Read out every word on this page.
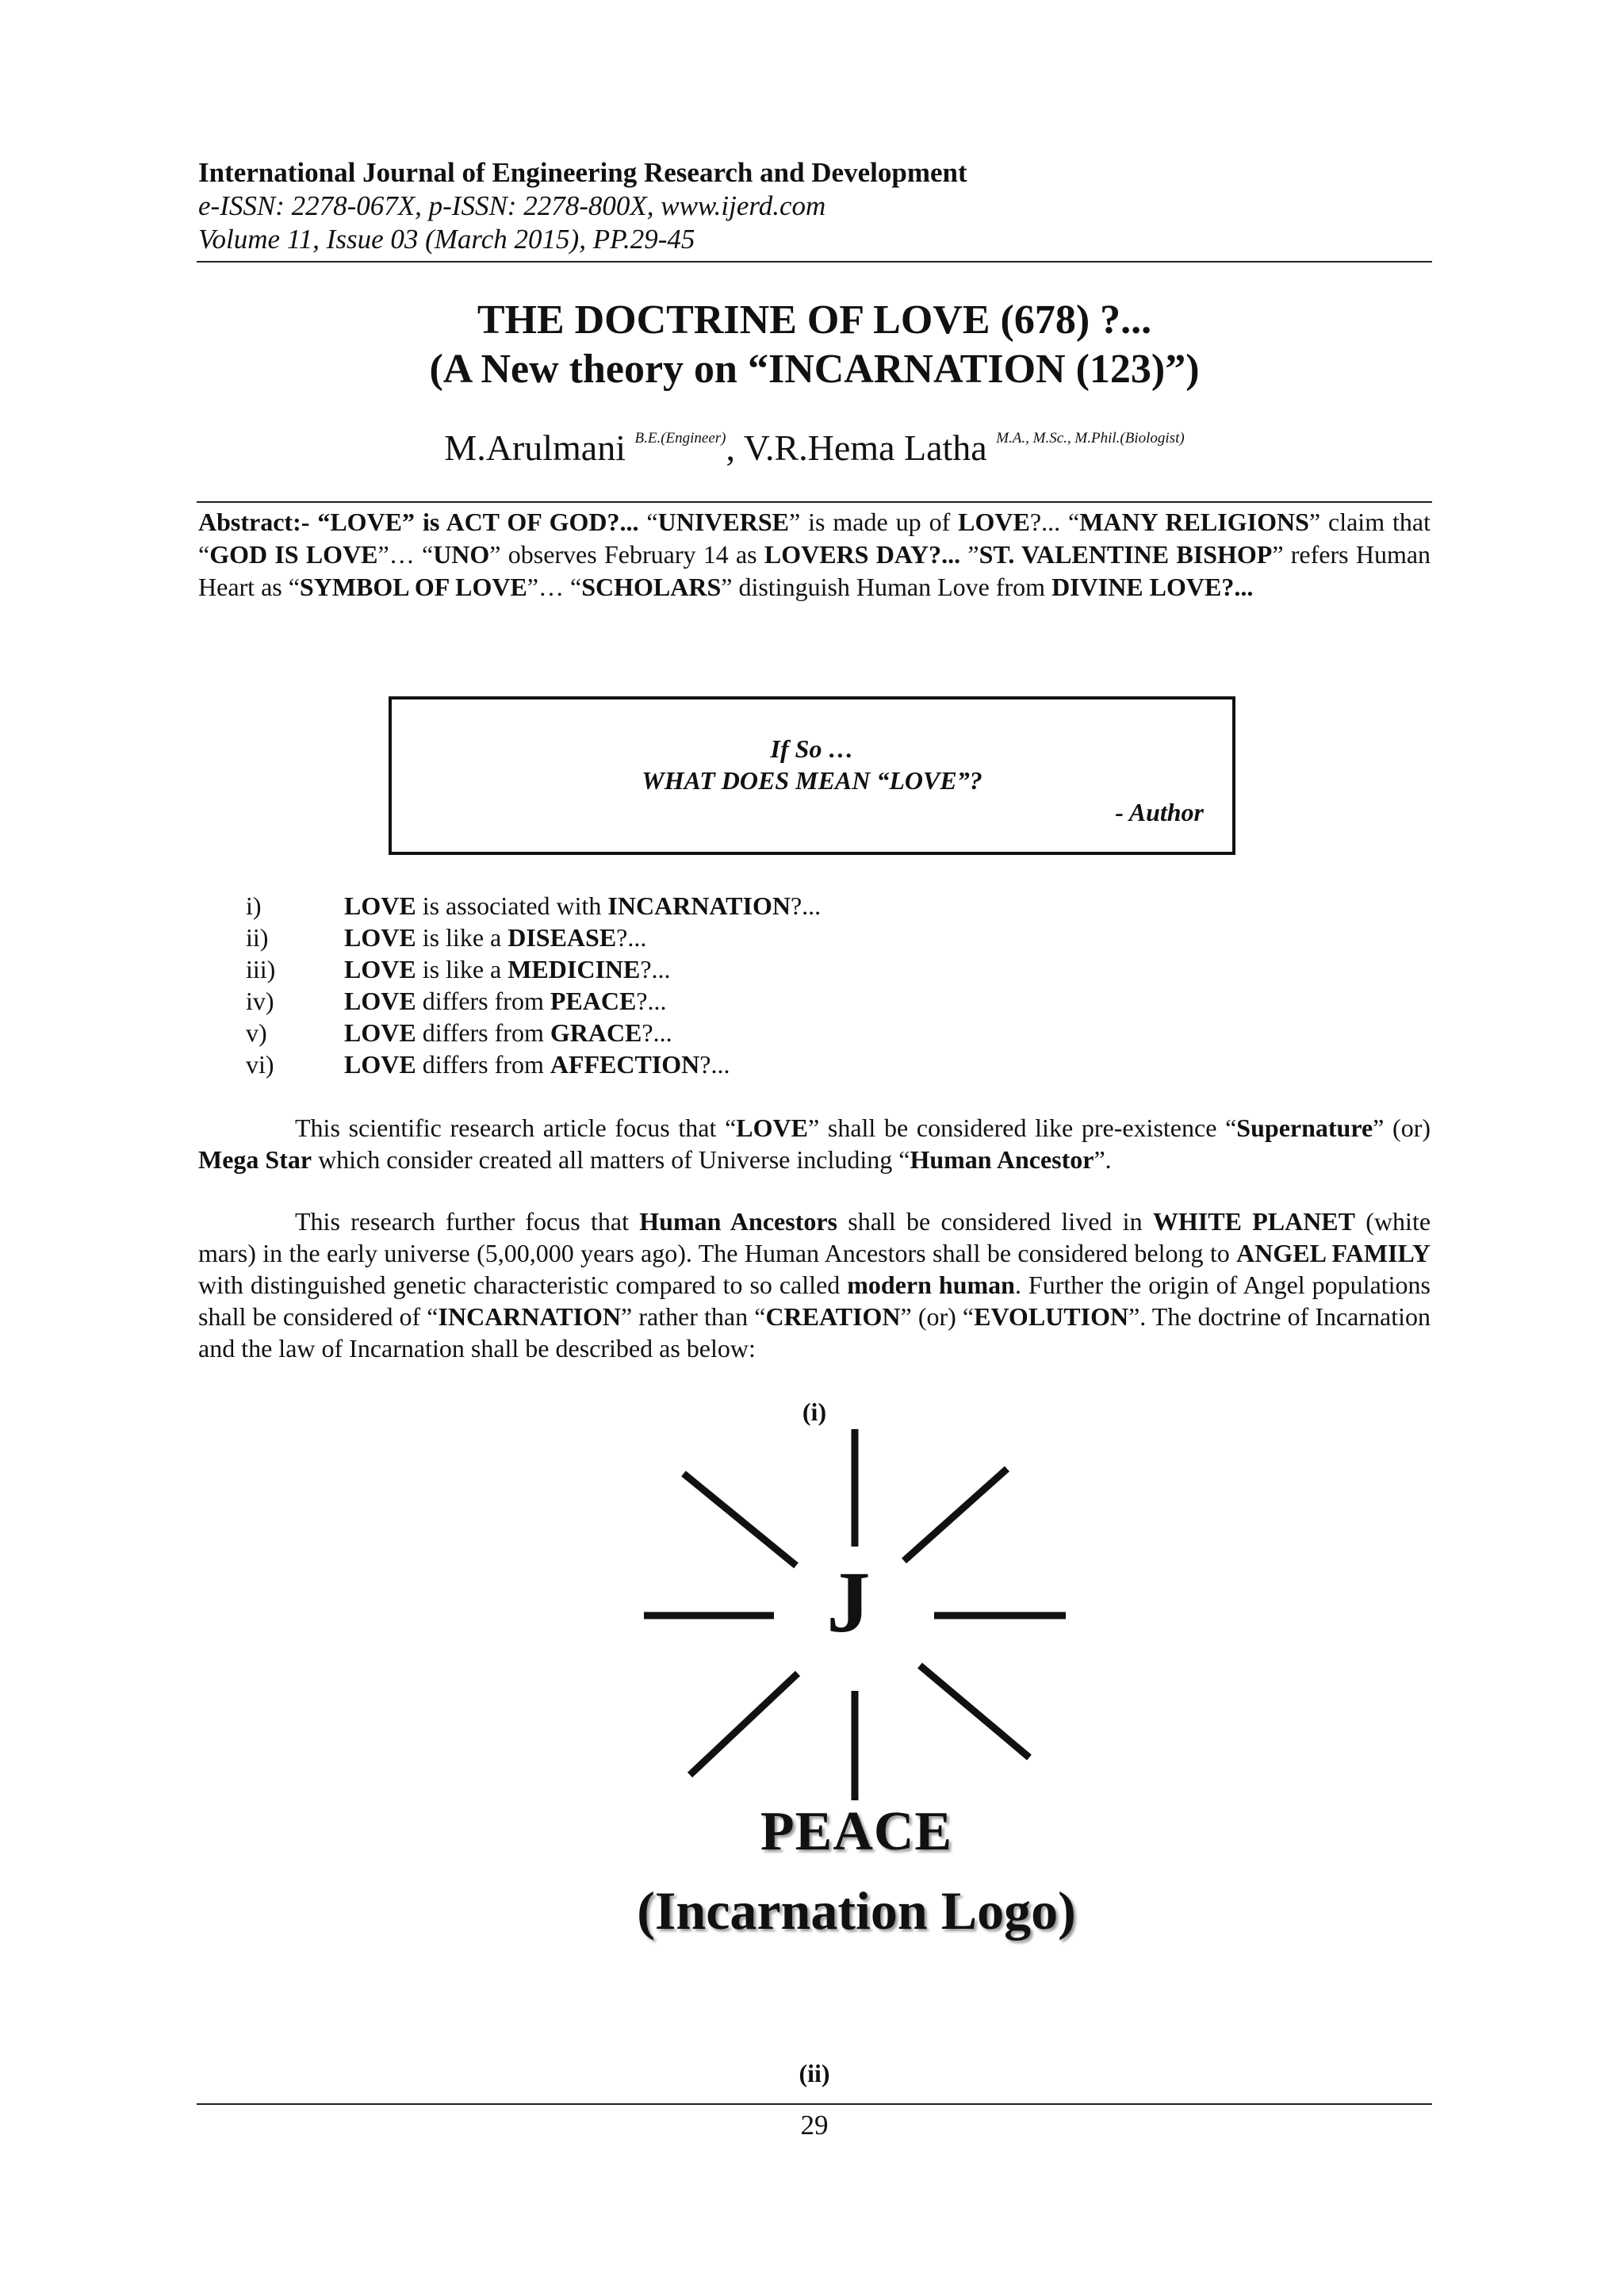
International Journal of Engineering Research and Development
e-ISSN: 2278-067X, p-ISSN: 2278-800X, www.ijerd.com
Volume 11, Issue 03 (March 2015), PP.29-45
THE DOCTRINE OF LOVE (678) ?...
(A New theory on “INCARNATION (123)”)
M.Arulmani $^{B.E.(Engineer)}$, V.R.Hema Latha $^{M.A., M.Sc., M.Phil.(Biologist)}$
Abstract:- “LOVE” is ACT OF GOD?... “UNIVERSE” is made up of LOVE?... “MANY RELIGIONS” claim that “GOD IS LOVE”… “UNO” observes February 14 as LOVERS DAY?... ”ST. VALENTINE BISHOP” refers Human Heart as “SYMBOL OF LOVE”… “SCHOLARS” distinguish Human Love from DIVINE LOVE?...
If So …
WHAT DOES MEAN “LOVE”?
- Author
i)	LOVE is associated with INCARNATION?...
ii)	LOVE is like a DISEASE?...
iii)	LOVE is like a MEDICINE?...
iv)	LOVE differs from PEACE?...
v)	LOVE differs from GRACE?...
vi)	LOVE differs from AFFECTION?...
This scientific research article focus that “LOVE” shall be considered like pre-existence “Supernature” (or) Mega Star which consider created all matters of Universe including “Human Ancestor”.
This research further focus that Human Ancestors shall be considered lived in WHITE PLANET (white mars) in the early universe (5,00,000 years ago). The Human Ancestors shall be considered belong to ANGEL FAMILY with distinguished genetic characteristic compared to so called modern human. Further the origin of Angel populations shall be considered of “INCARNATION” rather than “CREATION” (or) “EVOLUTION”. The doctrine of Incarnation and the law of Incarnation shall be described as below:
(i)
J
PEACE
(Incarnation Logo)
(ii)
29
